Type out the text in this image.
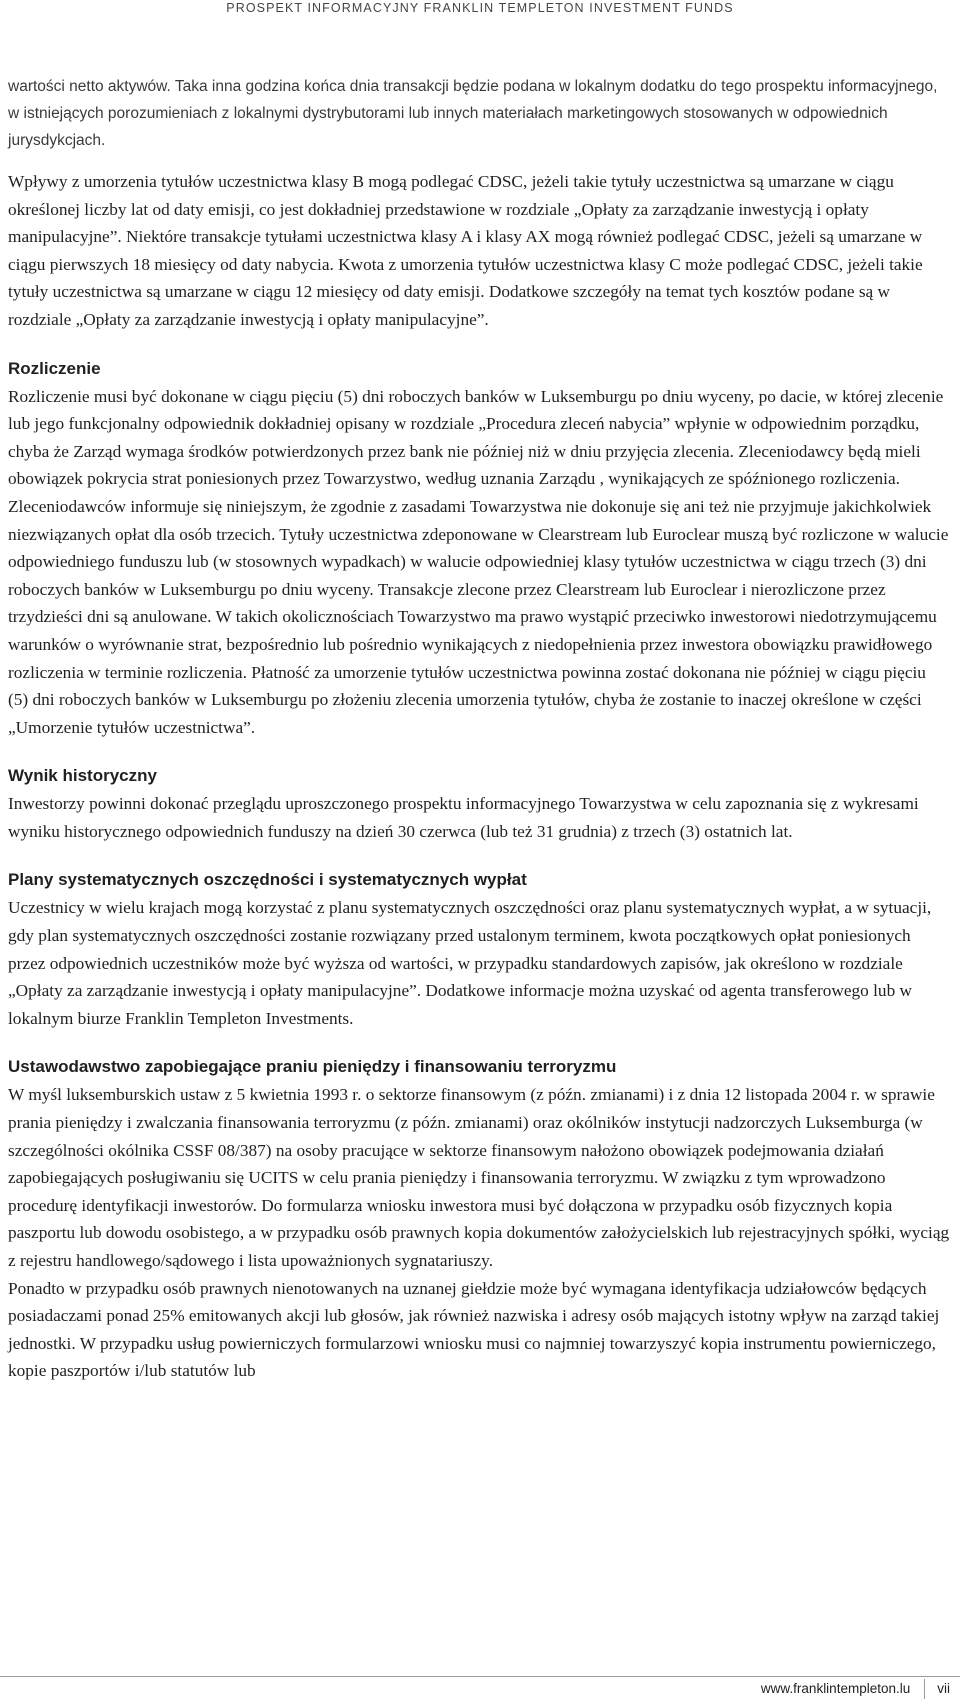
PROSPEKT INFORMACYJNY FRANKLIN TEMPLETON INVESTMENT FUNDS

wartości netto aktywów. Taka inna godzina końca dnia transakcji będzie podana w lokalnym dodatku do tego prospektu informacyjnego, w istniejących porozumieniach z lokalnymi dystrybutorami lub innych materiałach marketingowych stosowanych w odpowiednich jurysdykcjach.

Wpływy z umorzenia tytułów uczestnictwa klasy B mogą podlegać CDSC, jeżeli takie tytuły uczestnictwa są umarzane w ciągu określonej liczby lat od daty emisji, co jest dokładniej przedstawione w rozdziale „Opłaty za zarządzanie inwestycją i opłaty manipulacyjne”. Niektóre transakcje tytułami uczestnictwa klasy A i klasy AX mogą również podlegać CDSC, jeżeli są umarzane w ciągu pierwszych 18 miesięcy od daty nabycia. Kwota z umorzenia tytułów uczestnictwa klasy C może podlegać CDSC, jeżeli takie tytuły uczestnictwa są umarzane w ciągu 12 miesięcy od daty emisji. Dodatkowe szczegóły na temat tych kosztów podane są w rozdziale „Opłaty za zarządzanie inwestycją i opłaty manipulacyjne”.

Rozliczenie

Rozliczenie musi być dokonane w ciągu pięciu (5) dni roboczych banków w Luksemburgu po dniu wyceny, po dacie, w której zlecenie lub jego funkcjonalny odpowiednik dokładniej opisany w rozdziale „Procedura zleceń nabycia” wpłynie w odpowiednim porządku, chyba że Zarząd wymaga środków potwierdzonych przez bank nie później niż w dniu przyjęcia zlecenia. Zleceniodawcy będą mieli obowiązek pokrycia strat poniesionych przez Towarzystwo, według uznania Zarządu , wynikających ze spóźnionego rozliczenia. Zleceniodawców informuje się niniejszym, że zgodnie z zasadami Towarzystwa nie dokonuje się ani też nie przyjmuje jakichkolwiek niezwiązanych opłat dla osób trzecich. Tytuły uczestnictwa zdeponowane w Clearstream lub Euroclear muszą być rozliczone w walucie odpowiedniego funduszu lub (w stosownych wypadkach) w walucie odpowiedniej klasy tytułów uczestnictwa w ciągu trzech (3) dni roboczych banków w Luksemburgu po dniu wyceny. Transakcje zlecone przez Clearstream lub Euroclear i nierozliczone przez trzydzieści dni są anulowane. W takich okolicznościach Towarzystwo ma prawo wystąpić przeciwko inwestorowi niedotrzymującemu warunków o wyrównanie strat, bezpośrednio lub pośrednio wynikających z niedopełnienia przez inwestora obowiązku prawidłowego rozliczenia w terminie rozliczenia. Płatność za umorzenie tytułów uczestnictwa powinna zostać dokonana nie później w ciągu pięciu (5) dni roboczych banków w Luksemburgu po złożeniu zlecenia umorzenia tytułów, chyba że zostanie to inaczej określone w części „Umorzenie tytułów uczestnictwa”.

Wynik historyczny

Inwestorzy powinni dokonać przeglądu uproszczonego prospektu informacyjnego Towarzystwa w celu zapoznania się z wykresami wyniku historycznego odpowiednich funduszy na dzień 30 czerwca (lub też 31 grudnia) z trzech (3) ostatnich lat.

Plany systematycznych oszczędności i systematycznych wypłat

Uczestnicy w wielu krajach mogą korzystać z planu systematycznych oszczędności oraz planu systematycznych wypłat, a w sytuacji, gdy plan systematycznych oszczędności zostanie rozwiązany przed ustalonym terminem, kwota początkowych opłat poniesionych przez odpowiednich uczestników może być wyższa od wartości, w przypadku standardowych zapisów, jak określono w rozdziale „Opłaty za zarządzanie inwestycją i opłaty manipulacyjne”. Dodatkowe informacje można uzyskać od agenta transferowego lub w lokalnym biurze Franklin Templeton Investments.

Ustawodawstwo zapobiegające praniu pieniędzy i finansowaniu terroryzmu

W myśl luksemburskich ustaw z 5 kwietnia 1993 r. o sektorze finansowym (z późn. zmianami) i z dnia 12 listopada 2004 r. w sprawie prania pieniędzy i zwalczania finansowania terroryzmu (z późn. zmianami) oraz okólników instytucji nadzorczych Luksemburga (w szczególności okólnika CSSF 08/387) na osoby pracujące w sektorze finansowym nałożono obowiązek podejmowania działań zapobiegających posługiwaniu się UCITS w celu prania pieniędzy i finansowania terroryzmu. W związku z tym wprowadzono procedurę identyfikacji inwestorów. Do formularza wniosku inwestora musi być dołączona w przypadku osób fizycznych kopia paszportu lub dowodu osobistego, a w przypadku osób prawnych kopia dokumentów założycielskich lub rejestracyjnych spółki, wyciąg z rejestru handlowego/sądowego i lista upoważnionych sygnatariuszy.

Ponadto w przypadku osób prawnych nienotowanych na uznanej giełdzie może być wymagana identyfikacja udziałowców będących posiadaczami ponad 25% emitowanych akcji lub głosów, jak również nazwiska i adresy osób mających istotny wpływ na zarząd takiej jednostki. W przypadku usług powierniczych formularzowi wniosku musi co najmniej towarzyszyć kopia instrumentu powierniczego, kopie paszportów i/lub statutów lub

www.franklintempleton.lu	vii
